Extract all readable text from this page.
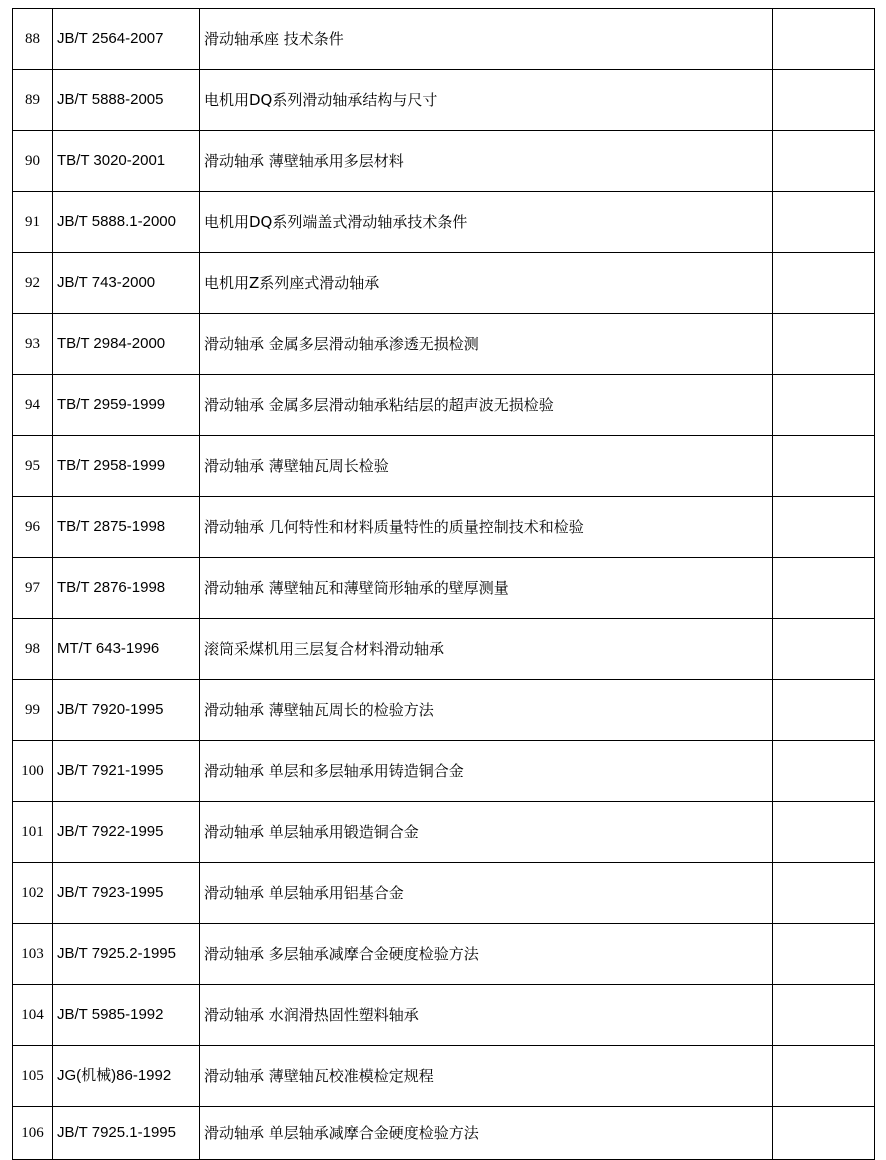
88	JB/T 2564-2007	滑动轴承座 技术条件	
89	JB/T 5888-2005	电机用DQ系列滑动轴承结构与尺寸	
90	TB/T 3020-2001	滑动轴承 薄壁轴承用多层材料	
91	JB/T 5888.1-2000	电机用DQ系列端盖式滑动轴承技术条件	
92	JB/T 743-2000	电机用Z系列座式滑动轴承	
93	TB/T 2984-2000	滑动轴承 金属多层滑动轴承渗透无损检测	
94	TB/T 2959-1999	滑动轴承 金属多层滑动轴承粘结层的超声波无损检验	
95	TB/T 2958-1999	滑动轴承 薄壁轴瓦周长检验	
96	TB/T 2875-1998	滑动轴承 几何特性和材料质量特性的质量控制技术和检验	
97	TB/T 2876-1998	滑动轴承 薄壁轴瓦和薄壁筒形轴承的壁厚测量	
98	MT/T 643-1996	滚筒采煤机用三层复合材料滑动轴承	
99	JB/T 7920-1995	滑动轴承 薄壁轴瓦周长的检验方法	
100	JB/T 7921-1995	滑动轴承 单层和多层轴承用铸造铜合金	
101	JB/T 7922-1995	滑动轴承 单层轴承用锻造铜合金	
102	JB/T 7923-1995	滑动轴承 单层轴承用铝基合金	
103	JB/T 7925.2-1995	滑动轴承 多层轴承减摩合金硬度检验方法	
104	JB/T 5985-1992	滑动轴承 水润滑热固性塑料轴承	
105	JG(机械)86-1992	滑动轴承 薄壁轴瓦校准模检定规程	
106	JB/T 7925.1-1995	滑动轴承 单层轴承减摩合金硬度检验方法	
